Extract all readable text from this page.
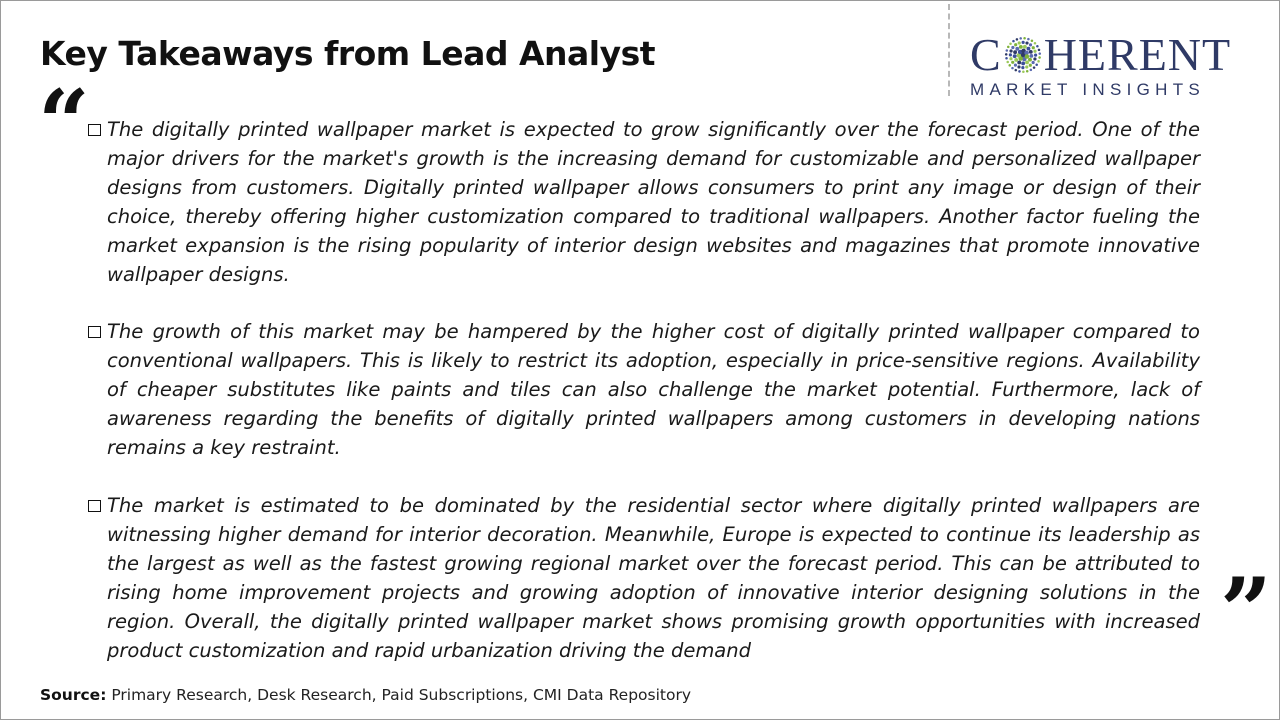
Key Takeaways from Lead Analyst	C HERENT
MARKET INSIGHTS
“
”
The digitally printed wallpaper market is expected to grow significantly over the forecast period. One of the major drivers for the market's growth is the increasing demand for customizable and personalized wallpaper designs from customers. Digitally printed wallpaper allows consumers to print any image or design of their choice, thereby offering higher customization compared to traditional wallpapers. Another factor fueling the market expansion is the rising popularity of interior design websites and magazines that promote innovative wallpaper designs.
The growth of this market may be hampered by the higher cost of digitally printed wallpaper compared to conventional wallpapers. This is likely to restrict its adoption, especially in price-sensitive regions. Availability of cheaper substitutes like paints and tiles can also challenge the market potential. Furthermore, lack of awareness regarding the benefits of digitally printed wallpapers among customers in developing nations remains a key restraint.
The market is estimated to be dominated by the residential sector where digitally printed wallpapers are witnessing higher demand for interior decoration. Meanwhile, Europe is expected to continue its leadership as the largest as well as the fastest growing regional market over the forecast period. This can be attributed to rising home improvement projects and growing adoption of innovative interior designing solutions in the region. Overall, the digitally printed wallpaper market shows promising growth opportunities with increased product customization and rapid urbanization driving the demand
Source: Primary Research, Desk Research, Paid Subscriptions, CMI Data Repository
